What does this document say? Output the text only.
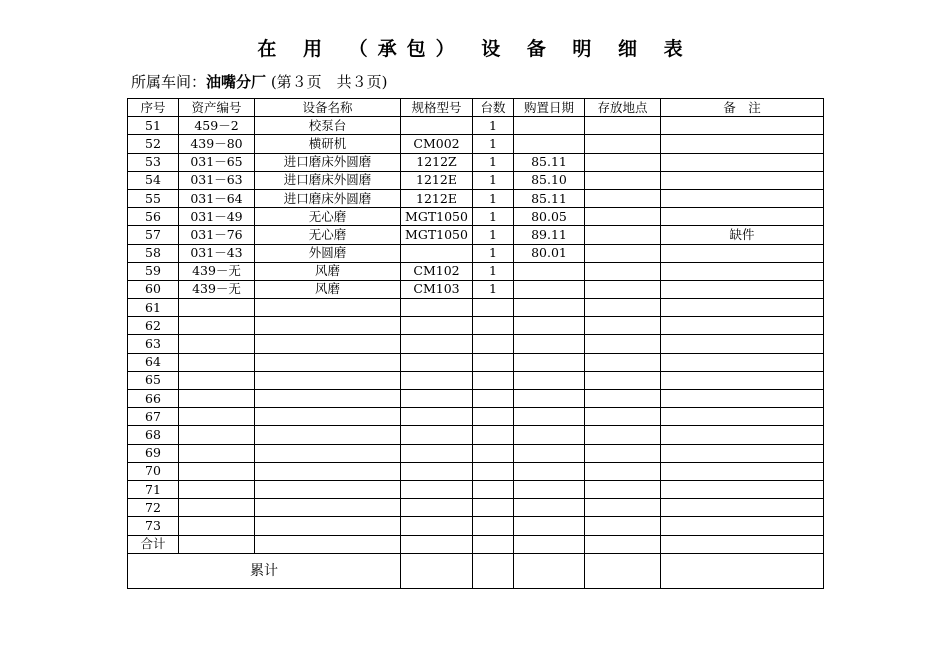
在 用 （承包） 设 备 明 细 表
所属车间：油嘴分厂 (第３页　共３页)
序号	资产编号	设备名称	规格型号	台数	购置日期	存放地点	备　注
51	459－2	校泵台		1			
52	439－80	横研机	CM002	1			
53	031－65	进口磨床外圆磨	1212Z	1	85.11		
54	031－63	进口磨床外圆磨	1212E	1	85.10		
55	031－64	进口磨床外圆磨	1212E	1	85.11		
56	031－49	无心磨	MGT1050	1	80.05		
57	031－76	无心磨	MGT1050	1	89.11		缺件
58	031－43	外圆磨		1	80.01		
59	439－无	风磨	CM102	1			
60	439－无	风磨	CM103	1			
61							
62							
63							
64							
65							
66							
67							
68							
69							
70							
71							
72							
73							
合计							
累计							
